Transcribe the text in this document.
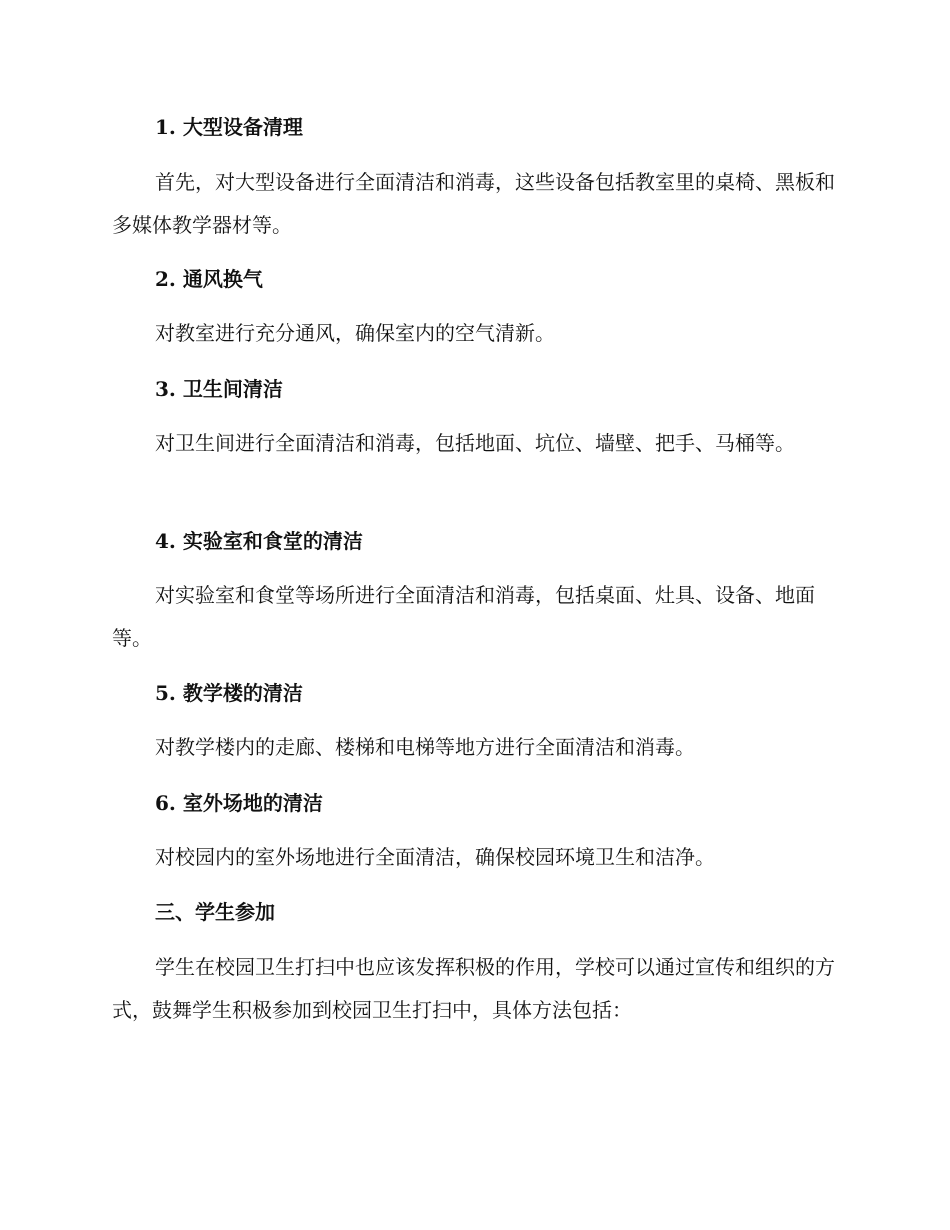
1. 大型设备清理

首先，对大型设备进行全面清洁和消毒，这些设备包括教室里的桌椅、黑板和多媒体教学器材等。

2. 通风换气

对教室进行充分通风，确保室内的空气清新。

3. 卫生间清洁

对卫生间进行全面清洁和消毒，包括地面、坑位、墙壁、把手、马桶等。

4. 实验室和食堂的清洁

对实验室和食堂等场所进行全面清洁和消毒，包括桌面、灶具、设备、地面等。

5. 教学楼的清洁

对教学楼内的走廊、楼梯和电梯等地方进行全面清洁和消毒。

6. 室外场地的清洁

对校园内的室外场地进行全面清洁，确保校园环境卫生和洁净。

三、学生参加

学生在校园卫生打扫中也应该发挥积极的作用，学校可以通过宣传和组织的方式，鼓舞学生积极参加到校园卫生打扫中，具体方法包括：
